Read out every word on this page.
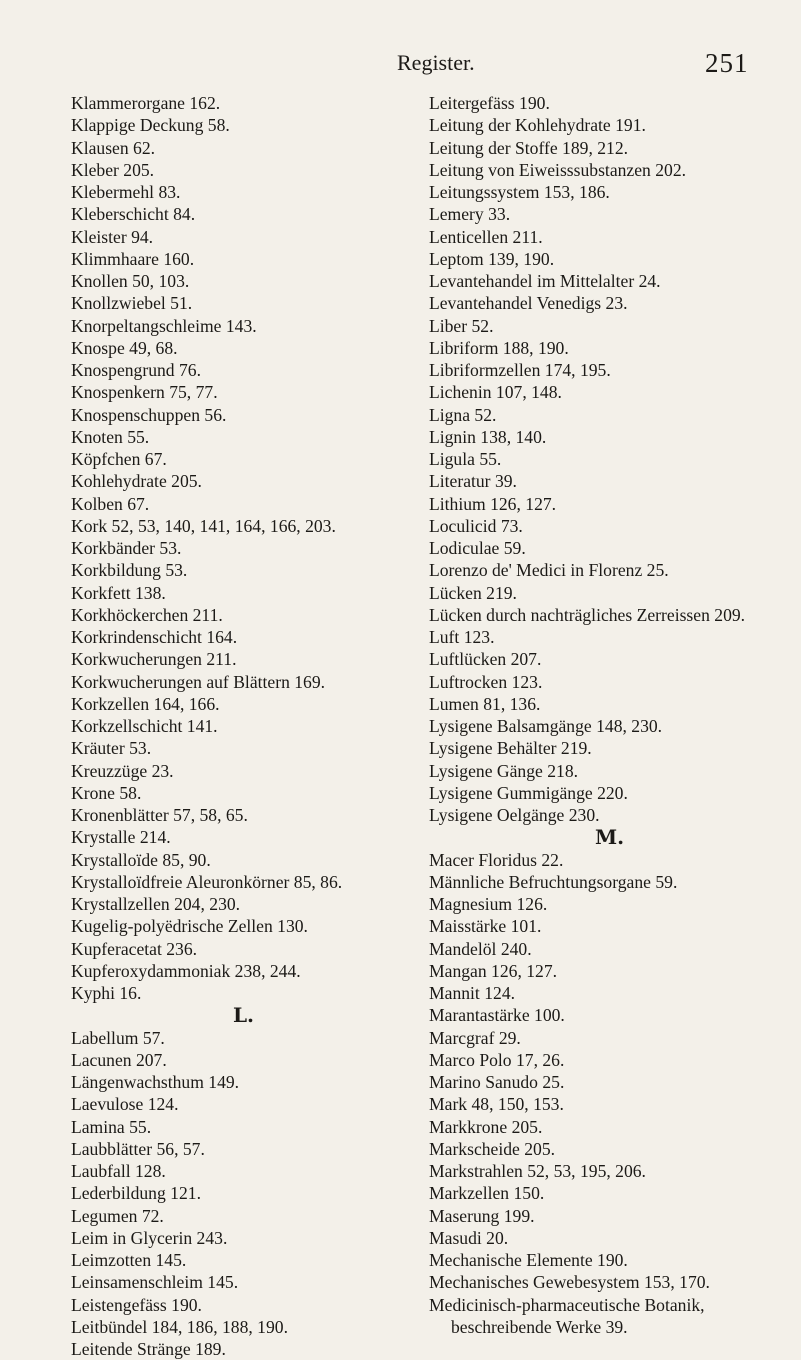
Register.	251
Klammerorgane 162.
Klappige Deckung 58.
Klausen 62.
Kleber 205.
Klebermehl 83.
Kleberschicht 84.
Kleister 94.
Klimmhaare 160.
Knollen 50, 103.
Knollzwiebel 51.
Knorpeltangschleime 143.
Knospe 49, 68.
Knospengrund 76.
Knospenkern 75, 77.
Knospenschuppen 56.
Knoten 55.
Köpfchen 67.
Kohlehydrate 205.
Kolben 67.
Kork 52, 53, 140, 141, 164, 166, 203.
Korkbänder 53.
Korkbildung 53.
Korkfett 138.
Korkhöckerchen 211.
Korkrindenschicht 164.
Korkwucherungen 211.
Korkwucherungen auf Blättern 169.
Korkzellen 164, 166.
Korkzellschicht 141.
Kräuter 53.
Kreuzzüge 23.
Krone 58.
Kronenblätter 57, 58, 65.
Krystalle 214.
Krystalloïde 85, 90.
Krystalloïdfreie Aleuronkörner 85, 86.
Krystallzellen 204, 230.
Kugelig-polyëdrische Zellen 130.
Kupferacetat 236.
Kupferoxydammoniak 238, 244.
Kyphi 16.
L.
Labellum 57.
Lacunen 207.
Längenwachsthum 149.
Laevulose 124.
Lamina 55.
Laubblätter 56, 57.
Laubfall 128.
Lederbildung 121.
Legumen 72.
Leim in Glycerin 243.
Leimzotten 145.
Leinsamenschleim 145.
Leistengefäss 190.
Leitbündel 184, 186, 188, 190.
Leitende Stränge 189.
Leitergefäss 190.
Leitung der Kohlehydrate 191.
Leitung der Stoffe 189, 212.
Leitung von Eiweisssubstanzen 202.
Leitungssystem 153, 186.
Lemery 33.
Lenticellen 211.
Leptom 139, 190.
Levantehandel im Mittelalter 24.
Levantehandel Venedigs 23.
Liber 52.
Libriform 188, 190.
Libriformzellen 174, 195.
Lichenin 107, 148.
Ligna 52.
Lignin 138, 140.
Ligula 55.
Literatur 39.
Lithium 126, 127.
Loculicid 73.
Lodiculae 59.
Lorenzo de' Medici in Florenz 25.
Lücken 219.
Lücken durch nachträgliches Zerreissen 209.
Luft 123.
Luftlücken 207.
Luftrocken 123.
Lumen 81, 136.
Lysigene Balsamgänge 148, 230.
Lysigene Behälter 219.
Lysigene Gänge 218.
Lysigene Gummigänge 220.
Lysigene Oelgänge 230.
M.
Macer Floridus 22.
Männliche Befruchtungsorgane 59.
Magnesium 126.
Maisstärke 101.
Mandelöl 240.
Mangan 126, 127.
Mannit 124.
Marantastärke 100.
Marcgraf 29.
Marco Polo 17, 26.
Marino Sanudo 25.
Mark 48, 150, 153.
Markkrone 205.
Markscheide 205.
Markstrahlen 52, 53, 195, 206.
Markzellen 150.
Maserung 199.
Masudi 20.
Mechanische Elemente 190.
Mechanisches Gewebesystem 153, 170.
Medicinisch-pharmaceutische Botanik, beschreibende Werke 39.
